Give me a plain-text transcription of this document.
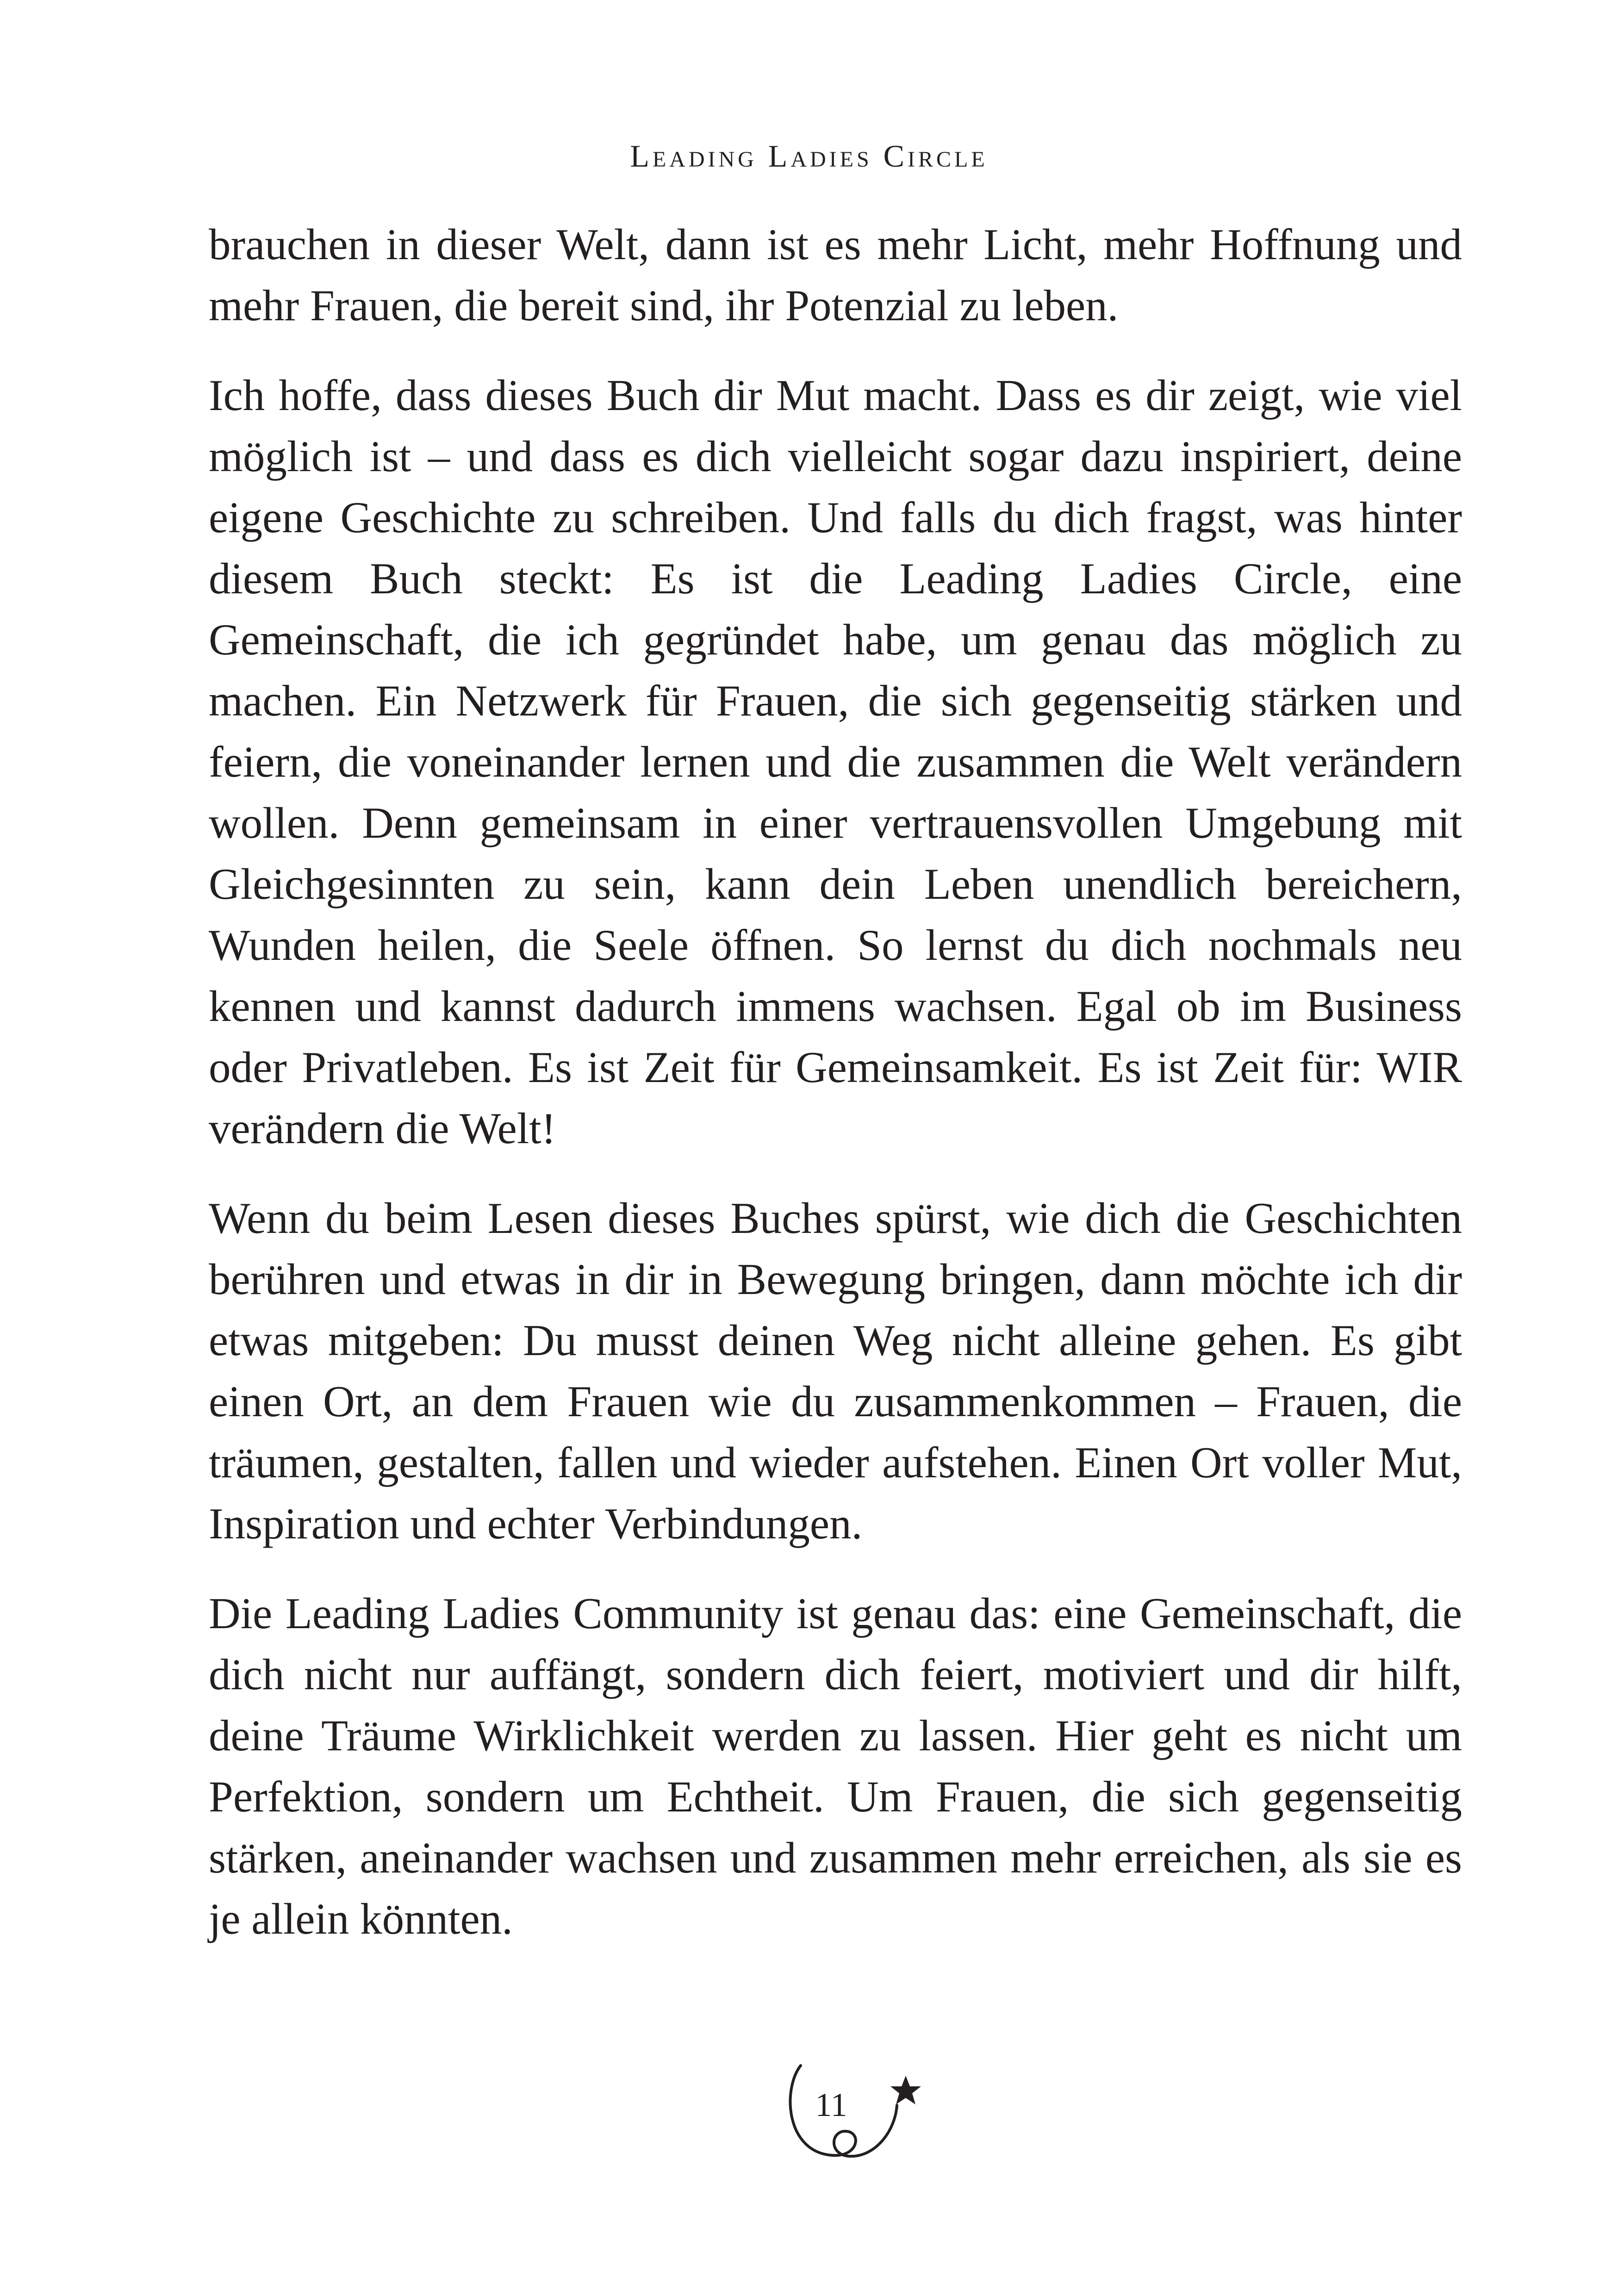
Leading Ladies Circle

brauchen in dieser Welt, dann ist es mehr Licht, mehr Hoffnung und mehr Frauen, die bereit sind, ihr Potenzial zu leben.

Ich hoffe, dass dieses Buch dir Mut macht. Dass es dir zeigt, wie viel möglich ist – und dass es dich vielleicht sogar dazu inspiriert, deine eigene Geschichte zu schreiben. Und falls du dich fragst, was hinter diesem Buch steckt: Es ist die Leading Ladies Circle, eine Gemeinschaft, die ich gegründet habe, um genau das möglich zu machen. Ein Netzwerk für Frauen, die sich gegenseitig stärken und feiern, die voneinander lernen und die zusammen die Welt verändern wollen. Denn gemeinsam in einer vertrauensvollen Umgebung mit Gleichgesinnten zu sein, kann dein Leben unendlich bereichern, Wunden heilen, die Seele öffnen. So lernst du dich nochmals neu kennen und kannst dadurch immens wachsen. Egal ob im Business oder Privatleben. Es ist Zeit für Gemeinsamkeit. Es ist Zeit für: WIR verändern die Welt!

Wenn du beim Lesen dieses Buches spürst, wie dich die Geschichten berühren und etwas in dir in Bewegung bringen, dann möchte ich dir etwas mitgeben: Du musst deinen Weg nicht alleine gehen. Es gibt einen Ort, an dem Frauen wie du zusammenkommen – Frauen, die träumen, gestalten, fallen und wieder aufstehen. Einen Ort voller Mut, Inspiration und echter Verbindungen.

Die Leading Ladies Community ist genau das: eine Gemeinschaft, die dich nicht nur auffängt, sondern dich feiert, motiviert und dir hilft, deine Träume Wirklichkeit werden zu lassen. Hier geht es nicht um Perfektion, sondern um Echtheit. Um Frauen, die sich gegenseitig stärken, aneinander wachsen und zusammen mehr erreichen, als sie es je allein könnten.

11
